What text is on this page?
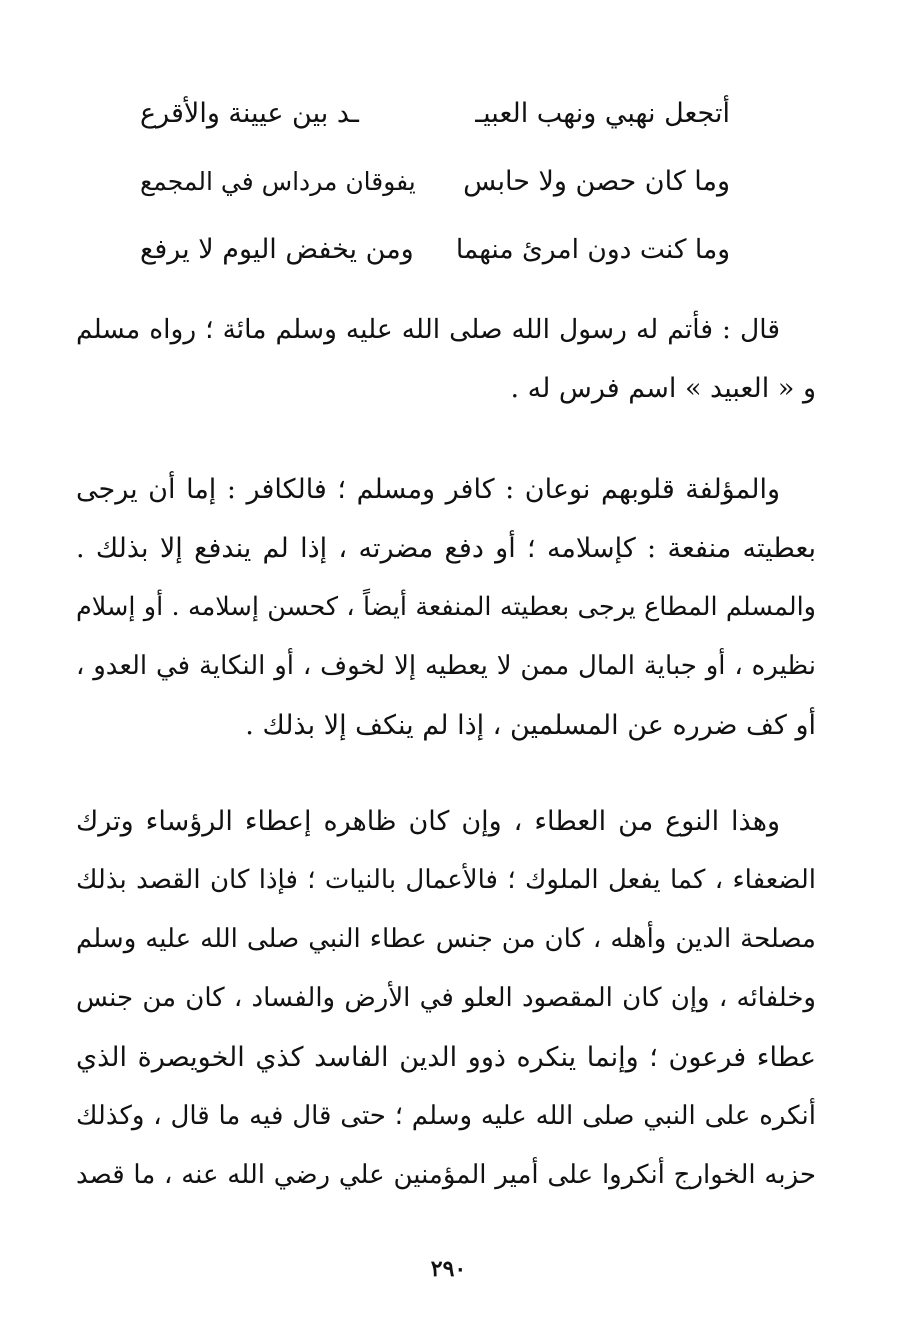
أتجعل نهبي ونهب العبيـ
ـد بين عيينة والأقرع
وما كان حصن ولا حابس
يفوقان مرداس في المجمع
وما كنت دون امرئ منهما
ومن يخفض اليوم لا يرفع
قال : فأتم له رسول الله صلى الله عليه وسلم مائة ؛ رواه مسلم
و « العبيد » اسم فرس له .
والمؤلفة قلوبهم نوعان : كافر ومسلم ؛ فالكافر : إما أن يرجى
بعطيته منفعة : كإسلامه ؛ أو دفع مضرته ، إذا لم يندفع إلا بذلك .
والمسلم المطاع يرجى بعطيته المنفعة أيضاً ، كحسن إسلامه . أو إسلام
نظيره ، أو جباية المال ممن لا يعطيه إلا لخوف ، أو النكاية في العدو ،
أو كف ضرره عن المسلمين ، إذا لم ينكف إلا بذلك .
وهذا النوع من العطاء ، وإن كان ظاهره إعطاء الرؤساء وترك
الضعفاء ، كما يفعل الملوك ؛ فالأعمال بالنيات ؛ فإذا كان القصد بذلك
مصلحة الدين وأهله ، كان من جنس عطاء النبي صلى الله عليه وسلم
وخلفائه ، وإن كان المقصود العلو في الأرض والفساد ، كان من جنس
عطاء فرعون ؛ وإنما ينكره ذوو الدين الفاسد كذي الخويصرة الذي
أنكره على النبي صلى الله عليه وسلم ؛ حتى قال فيه ما قال ، وكذلك
حزبه الخوارج أنكروا على أمير المؤمنين علي رضي الله عنه ، ما قصد
٢٩٠
